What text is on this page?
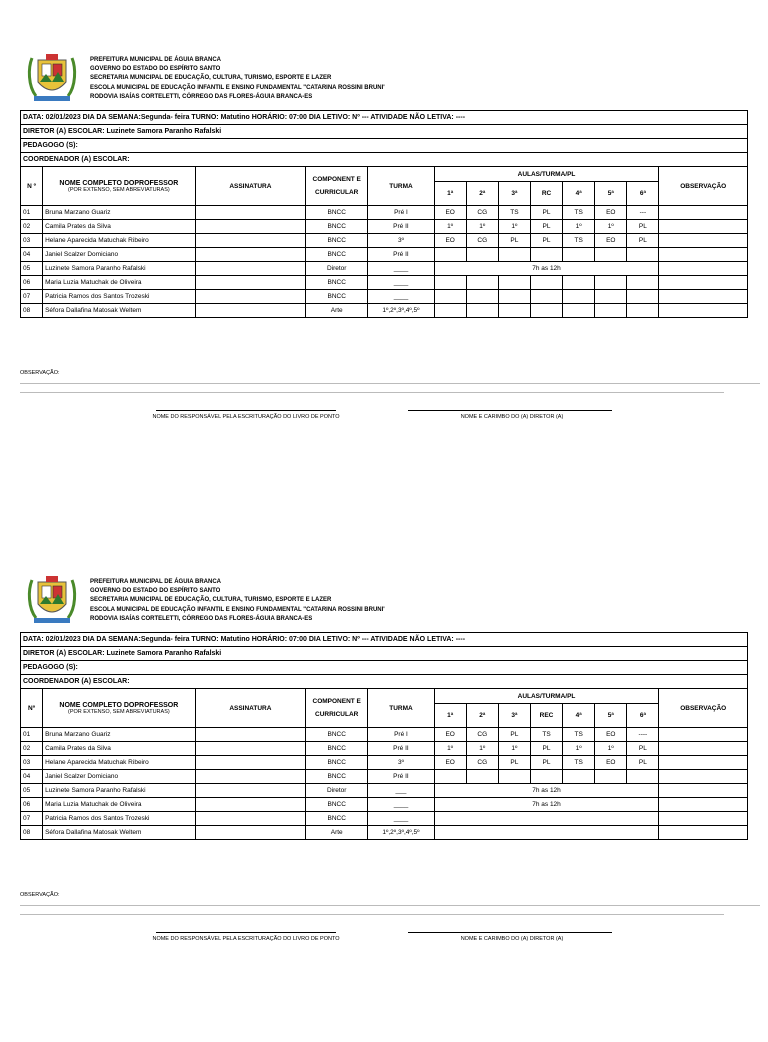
PREFEITURA MUNICIPAL DE ÁGUIA BRANCA
GOVERNO DO ESTADO DO ESPÍRITO SANTO
SECRETARIA MUNICIPAL DE EDUCAÇÃO, CULTURA, TURISMO, ESPORTE E LAZER
ESCOLA MUNICIPAL DE EDUCAÇÃO INFANTIL E ENSINO FUNDAMENTAL "CATARINA ROSSINI BRUNI'
RODOVIA ISAÍAS CORTELETTI, CÓRREGO DAS FLORES-ÁGUIA BRANCA-ES
DATA: 02/01/2023 DIA DA SEMANA:Segunda- feira TURNO: Matutino HORÁRIO: 07:00 DIA LETIVO: Nº --- ATIVIDADE NÃO LETIVA: ----												
DIRETOR (A) ESCOLAR: Luzinete Samora Paranho Rafalski												
PEDAGOGO (S):												
COORDENADOR (A) ESCOLAR:												
N º	NOME COMPLETO DOPROFESSOR
(POR EXTENSO, SEM ABREVIATURAS)	ASSINATURA	COMPONENT E CURRICULAR	TURMA	AULAS/TURMA/PL							OBSERVAÇÃO
					1ª	2ª	3ª	RC	4ª	5ª	6ª	
01	Bruna Marzano Guariz		BNCC	Pré I	EO	CG	TS	PL	TS	EO	---	
02	Camila Prates da Silva		BNCC	Pré II	1º	1º	1º	PL	1º	1º	PL	
03	Helane Aparecida Matuchak Ribeiro		BNCC	3º	EO	CG	PL	PL	TS	EO	PL	
04	Janiel Scalzer Domiciano		BNCC	Pré II								
05	Luzinete Samora Paranho Rafalski		Diretor	____	7h as 12h							
06	Maria Luzia Matuchak de Oliveira		BNCC	____								
07	Patricia Ramos dos Santos Trozeski		BNCC	____								
08	Séfora Dallafina Matosak Weltem		Arte	1º,2º,3º,4º,5º								
OBSERVAÇÃO:
NOME DO RESPONSÁVEL PELA ESCRITURAÇÃO DO LIVRO DE PONTO	NOME E CARIMBO DO (A) DIRETOR (A)
PREFEITURA MUNICIPAL DE ÁGUIA BRANCA
GOVERNO DO ESTADO DO ESPÍRITO SANTO
SECRETARIA MUNICIPAL DE EDUCAÇÃO, CULTURA, TURISMO, ESPORTE E LAZER
ESCOLA MUNICIPAL DE EDUCAÇÃO INFANTIL E ENSINO FUNDAMENTAL "CATARINA ROSSINI BRUNI'
RODOVIA ISAÍAS CORTELETTI, CÓRREGO DAS FLORES-ÁGUIA BRANCA-ES
DATA: 02/01/2023 DIA DA SEMANA:Segunda- feira TURNO: Matutino HORÁRIO: 07:00 DIA LETIVO: Nº --- ATIVIDADE NÃO LETIVA: ----												
DIRETOR (A) ESCOLAR: Luzinete Samora Paranho Rafalski												
PEDAGOGO (S):												
COORDENADOR (A) ESCOLAR:												
Nº	NOME COMPLETO DOPROFESSOR
(POR EXTENSO, SEM ABREVIATURAS)	ASSINATURA	COMPONENT E CURRICULAR	TURMA	AULAS/TURMA/PL							OBSERVAÇÃO
					1ª	2ª	3ª	REC	4ª	5ª	6ª	
01	Bruna Marzano Guariz		BNCC	Pré I	EO	CG	PL	TS	TS	EO	----	
02	Camila Prates da Silva		BNCC	Pré II	1º	1º	1º	PL	1º	1º	PL	
03	Helane Aparecida Matuchak Ribeiro		BNCC	3º	EO	CG	PL	PL	TS	EO	PL	
04	Janiel Scalzer Domiciano		BNCC	Pré II								
05	Luzinete Samora Paranho Rafalski		Diretor	___	7h as 12h							
06	Maria Luzia Matuchak de Oliveira		BNCC	____	7h as 12h							
07	Patricia Ramos dos Santos Trozeski		BNCC	____								
08	Séfora Dallafina Matosak Weltem		Arte	1º,2º,3º,4º,5º								
OBSERVAÇÃO:
NOME DO RESPONSÁVEL PELA ESCRITURAÇÃO DO LIVRO DE PONTO	NOME E CARIMBO DO (A) DIRETOR (A)
